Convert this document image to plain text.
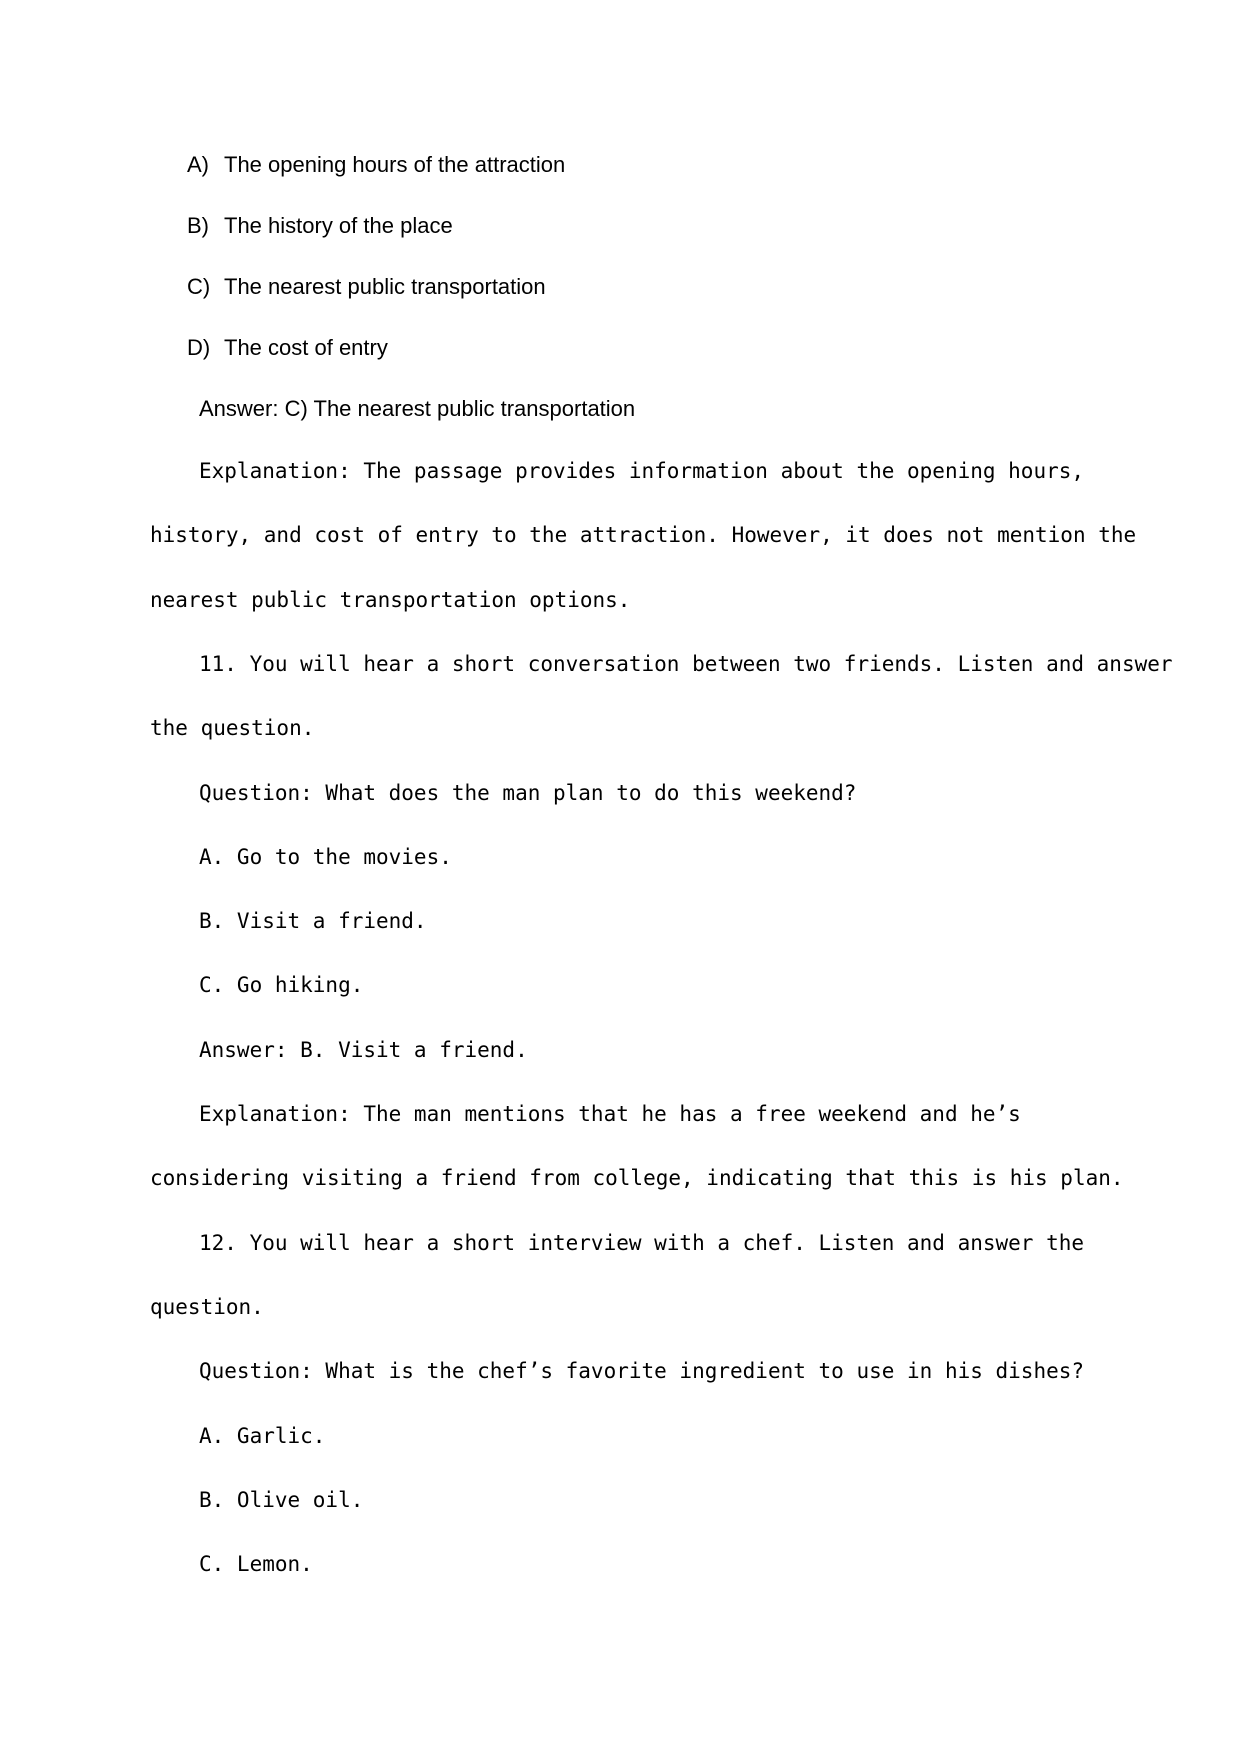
A) The opening hours of the attraction
B) The history of the place
C) The nearest public transportation
D) The cost of entry
Answer: C) The nearest public transportation
Explanation: The passage provides information about the opening hours,
history, and cost of entry to the attraction. However, it does not mention the
nearest public transportation options.
11. You will hear a short conversation between two friends. Listen and answer
the question.
Question: What does the man plan to do this weekend?
A. Go to the movies.
B. Visit a friend.
C. Go hiking.
Answer: B. Visit a friend.
Explanation: The man mentions that he has a free weekend and he’s
considering visiting a friend from college, indicating that this is his plan.
12. You will hear a short interview with a chef. Listen and answer the
question.
Question: What is the chef’s favorite ingredient to use in his dishes?
A. Garlic.
B. Olive oil.
C. Lemon.
